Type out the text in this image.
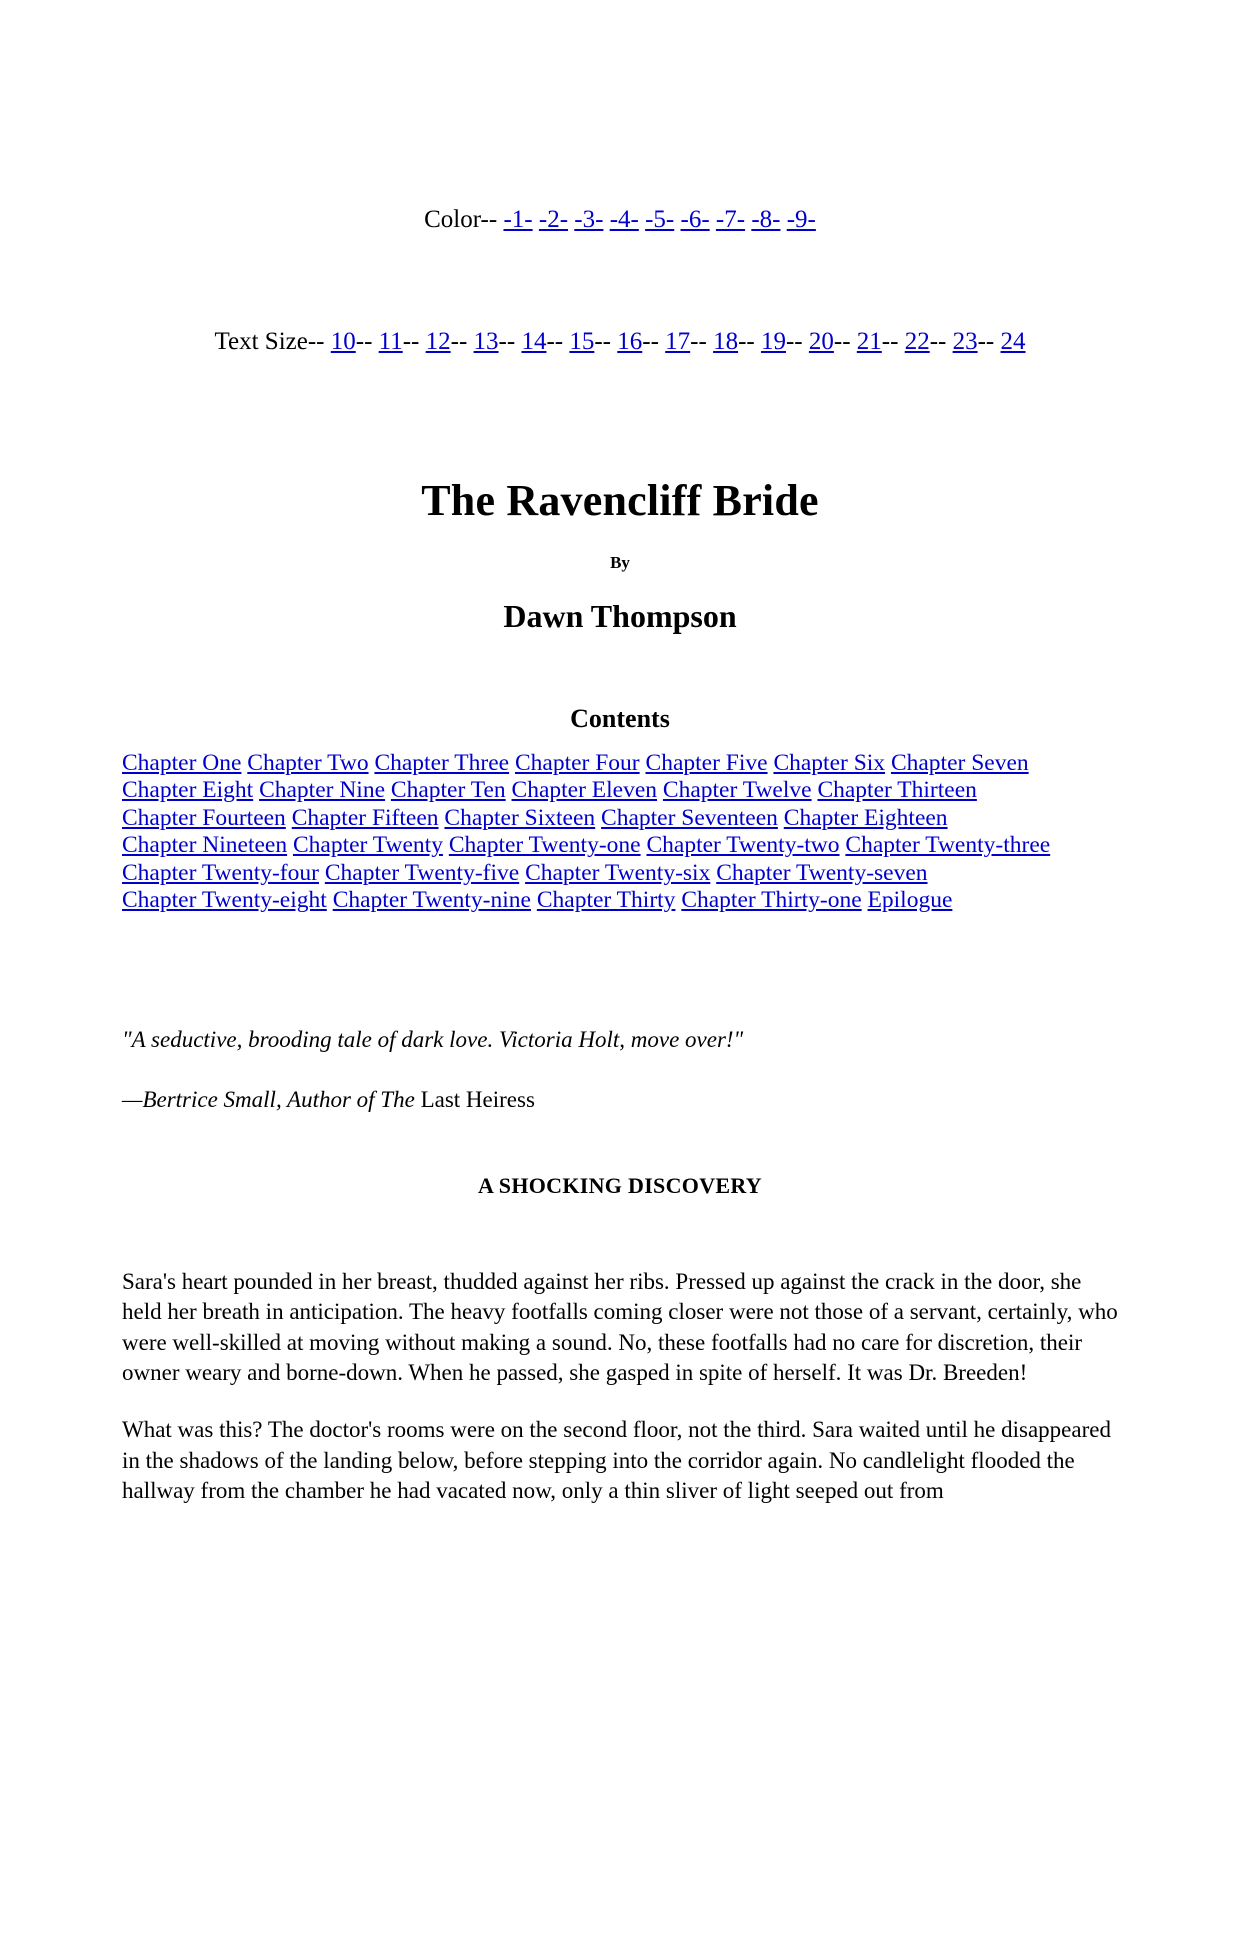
Color-- -1- -2- -3- -4- -5- -6- -7- -8- -9-
Text Size-- 10-- 11-- 12-- 13-- 14-- 15-- 16-- 17-- 18-- 19-- 20-- 21-- 22-- 23-- 24
The Ravencliff Bride
By
Dawn Thompson
Contents
Chapter One Chapter Two Chapter Three Chapter Four Chapter Five Chapter Six Chapter Seven Chapter Eight Chapter Nine Chapter Ten Chapter Eleven Chapter Twelve Chapter Thirteen Chapter Fourteen Chapter Fifteen Chapter Sixteen Chapter Seventeen Chapter Eighteen Chapter Nineteen Chapter Twenty Chapter Twenty-one Chapter Twenty-two Chapter Twenty-three Chapter Twenty-four Chapter Twenty-five Chapter Twenty-six Chapter Twenty-seven Chapter Twenty-eight Chapter Twenty-nine Chapter Thirty Chapter Thirty-one Epilogue
"A seductive, brooding tale of dark love. Victoria Holt, move over!"
—Bertrice Small, Author of The Last Heiress
A SHOCKING DISCOVERY
Sara's heart pounded in her breast, thudded against her ribs. Pressed up against the crack in the door, she held her breath in anticipation. The heavy footfalls coming closer were not those of a servant, certainly, who were well-skilled at moving without making a sound. No, these footfalls had no care for discretion, their owner weary and borne-down. When he passed, she gasped in spite of herself. It was Dr. Breeden!
What was this? The doctor's rooms were on the second floor, not the third. Sara waited until he disappeared in the shadows of the landing below, before stepping into the corridor again. No candlelight flooded the hallway from the chamber he had vacated now, only a thin sliver of light seeped out from
